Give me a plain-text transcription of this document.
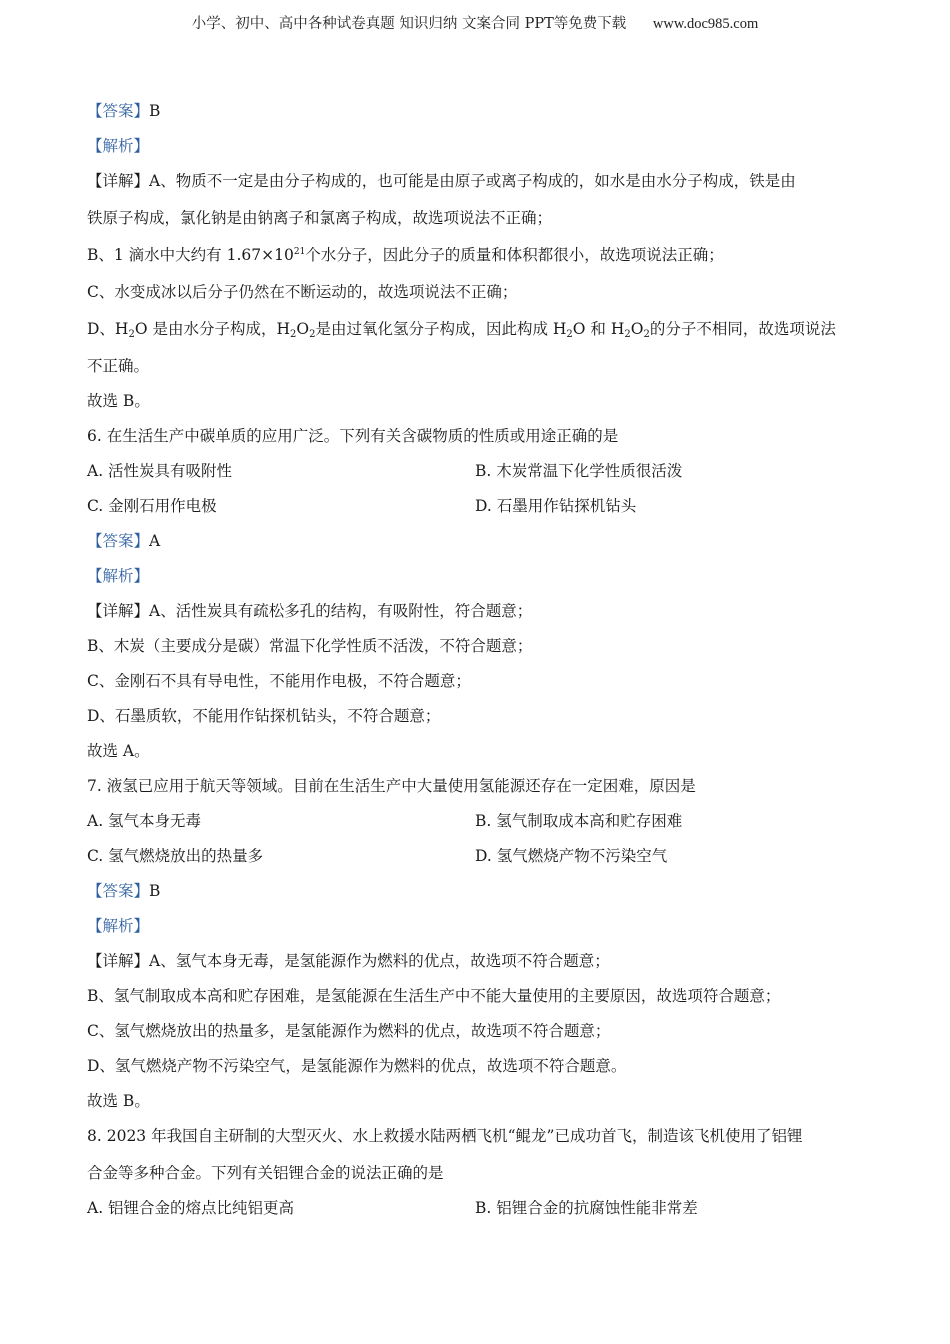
小学、初中、高中各种试卷真题 知识归纳 文案合同 PPT等免费下载 www.doc985.com
【答案】B
【解析】
【详解】A、物质不一定是由分子构成的，也可能是由原子或离子构成的，如水是由水分子构成，铁是由
铁原子构成，氯化钠是由钠离子和氯离子构成，故选项说法不正确；
B、1 滴水中大约有 $1.67\times 10^{21}$个水分子，因此分子的质量和体积都很小，故选项说法正确；
C、水变成冰以后分子仍然在不断运动的，故选项说法不正确；
D、$H_2O$ 是由水分子构成，$H_2O_2$是由过氧化氢分子构成，因此构成 $H_2O$ 和 $H_2O_2$的分子不相同，故选项说法
不正确。
故选 B。
6. 在生活生产中碳单质的应用广泛。下列有关含碳物质的性质或用途正确的是
A. 活性炭具有吸附性	B. 木炭常温下化学性质很活泼
C. 金刚石用作电极	D. 石墨用作钻探机钻头
【答案】A
【解析】
【详解】A、活性炭具有疏松多孔的结构，有吸附性，符合题意；
B、木炭（主要成分是碳）常温下化学性质不活泼，不符合题意；
C、金刚石不具有导电性，不能用作电极，不符合题意；
D、石墨质软，不能用作钻探机钻头，不符合题意；
故选 A。
7. 液氢已应用于航天等领域。目前在生活生产中大量使用氢能源还存在一定困难，原因是
A. 氢气本身无毒	B. 氢气制取成本高和贮存困难
C. 氢气燃烧放出的热量多	D. 氢气燃烧产物不污染空气
【答案】B
【解析】
【详解】A、氢气本身无毒，是氢能源作为燃料的优点，故选项不符合题意；
B、氢气制取成本高和贮存困难，是氢能源在生活生产中不能大量使用的主要原因，故选项符合题意；
C、氢气燃烧放出的热量多，是氢能源作为燃料的优点，故选项不符合题意；
D、氢气燃烧产物不污染空气，是氢能源作为燃料的优点，故选项不符合题意。
故选 B。
8. 2023 年我国自主研制的大型灭火、水上救援水陆两栖飞机“鲲龙”已成功首飞，制造该飞机使用了铝锂
合金等多种合金。下列有关铝锂合金的说法正确的是
A. 铝锂合金的熔点比纯铝更高	B. 铝锂合金的抗腐蚀性能非常差
